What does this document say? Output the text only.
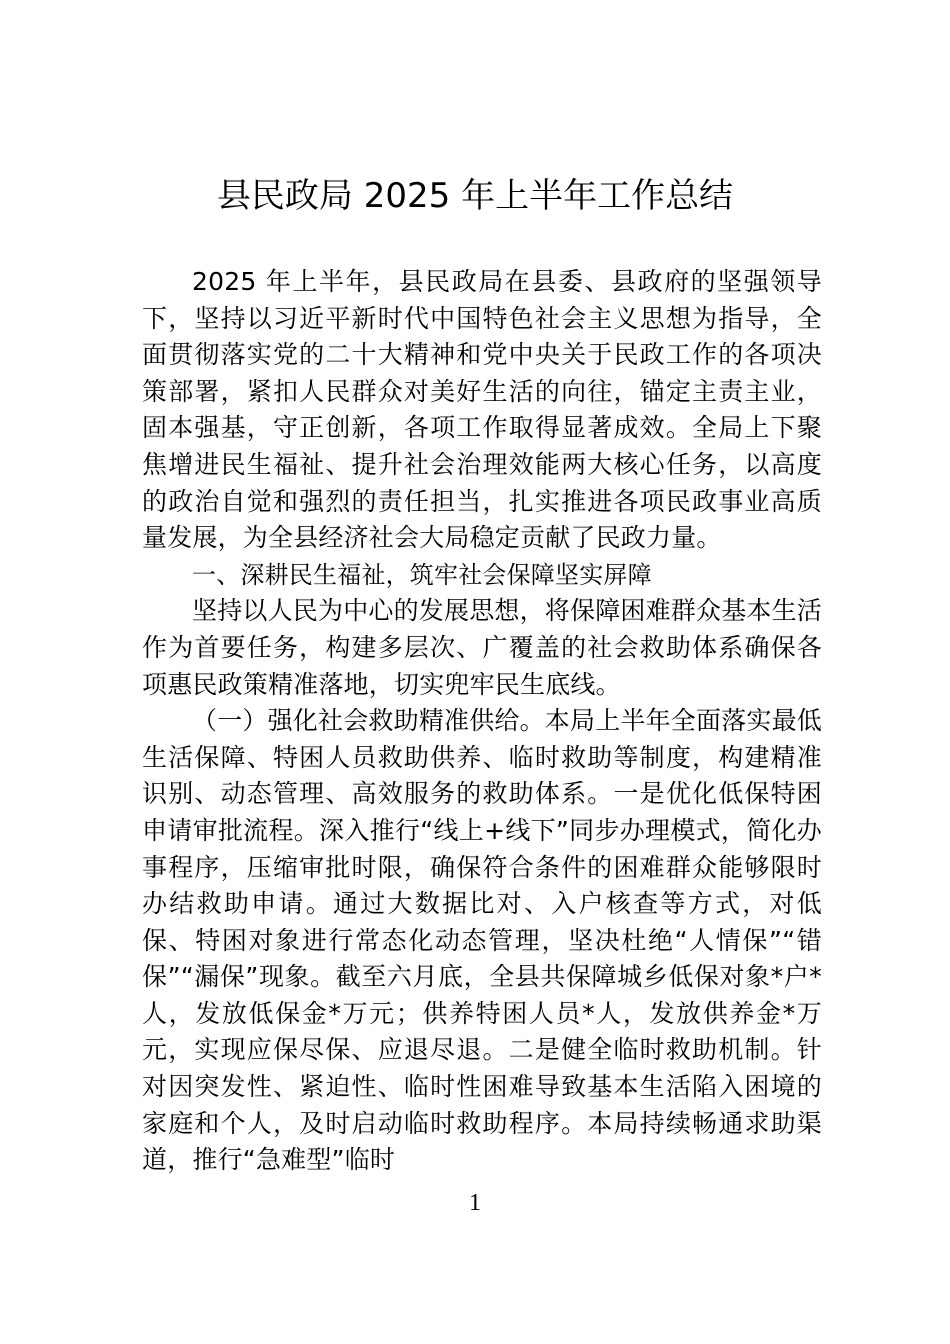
县民政局 2025 年上半年工作总结

2025 年上半年，县民政局在县委、县政府的坚强领导下，坚持以习近平新时代中国特色社会主义思想为指导，全面贯彻落实党的二十大精神和党中央关于民政工作的各项决策部署，紧扣人民群众对美好生活的向往，锚定主责主业，固本强基，守正创新，各项工作取得显著成效。全局上下聚焦增进民生福祉、提升社会治理效能两大核心任务，以高度的政治自觉和强烈的责任担当，扎实推进各项民政事业高质量发展，为全县经济社会大局稳定贡献了民政力量。

一、深耕民生福祉，筑牢社会保障坚实屏障

坚持以人民为中心的发展思想，将保障困难群众基本生活作为首要任务，构建多层次、广覆盖的社会救助体系确保各项惠民政策精准落地，切实兜牢民生底线。

（一）强化社会救助精准供给。本局上半年全面落实最低生活保障、特困人员救助供养、临时救助等制度，构建精准识别、动态管理、高效服务的救助体系。一是优化低保特困申请审批流程。深入推行“线上+线下”同步办理模式，简化办事程序，压缩审批时限，确保符合条件的困难群众能够限时办结救助申请。通过大数据比对、入户核查等方式，对低保、特困对象进行常态化动态管理，坚决杜绝“人情保”“错保”“漏保”现象。截至六月底，全县共保障城乡低保对象*户*人，发放低保金*万元；供养特困人员*人，发放供养金*万元，实现应保尽保、应退尽退。二是健全临时救助机制。针对因突发性、紧迫性、临时性困难导致基本生活陷入困境的家庭和个人，及时启动临时救助程序。本局持续畅通求助渠道，推行“急难型”临时

1
